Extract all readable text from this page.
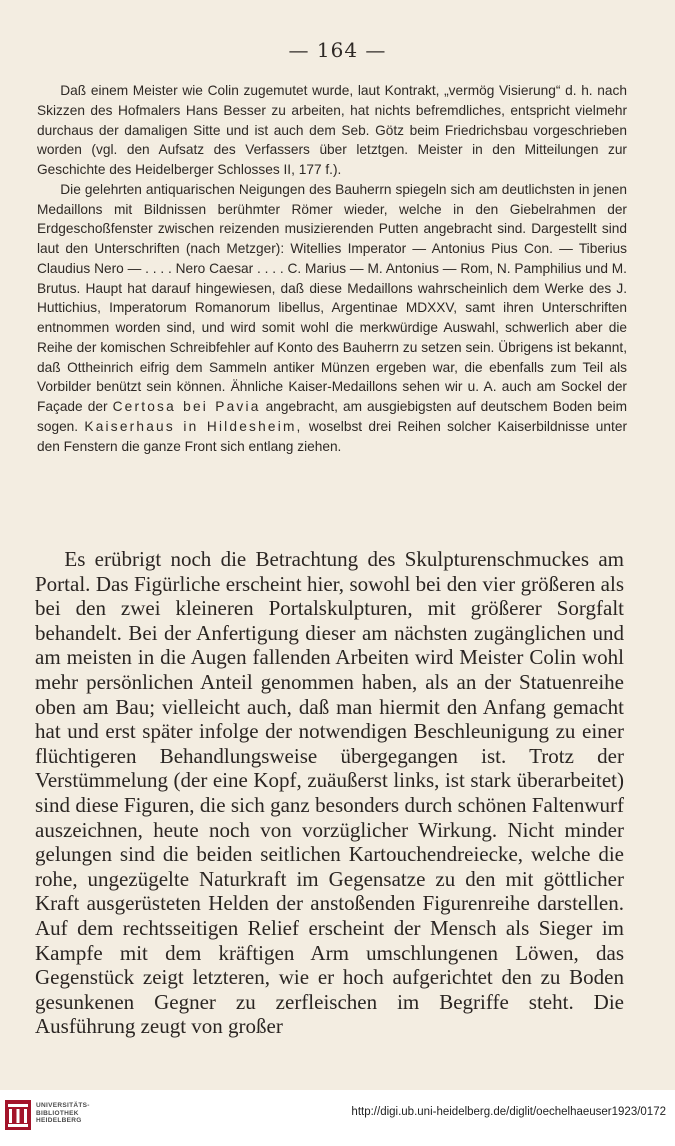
— 164 —

Daß einem Meister wie Colin zugemutet wurde, laut Kontrakt, „vermög Visierung“ d. h. nach Skizzen des Hofmalers Hans Besser zu arbeiten, hat nichts befremdliches, entspricht vielmehr durchaus der damaligen Sitte und ist auch dem Seb. Götz beim Friedrichsbau vorgeschrieben worden (vgl. den Aufsatz des Verfassers über letztgen. Meister in den Mitteilungen zur Geschichte des Heidelberger Schlosses II, 177 f.).

Die gelehrten antiquarischen Neigungen des Bauherrn spiegeln sich am deutlichsten in jenen Medaillons mit Bildnissen berühmter Römer wieder, welche in den Giebelrahmen der Erdgeschoßfenster zwischen reizenden musizierenden Putten angebracht sind. Dargestellt sind laut den Unterschriften (nach Metzger): Witellies Imperator — Antonius Pius Con. — Tiberius Claudius Nero — . . . . Nero Caesar . . . . C. Marius — M. Antonius — Rom, N. Pamphilius und M. Brutus. Haupt hat darauf hingewiesen, daß diese Medaillons wahrscheinlich dem Werke des J. Huttichius, Imperatorum Romanorum libellus, Argentinae MDXXV, samt ihren Unterschriften entnommen worden sind, und wird somit wohl die merkwürdige Auswahl, schwerlich aber die Reihe der komischen Schreibfehler auf Konto des Bauherrn zu setzen sein. Übrigens ist bekannt, daß Ottheinrich eifrig dem Sammeln antiker Münzen ergeben war, die ebenfalls zum Teil als Vorbilder benützt sein können. Ähnliche Kaiser-Medaillons sehen wir u. A. auch am Sockel der Façade der Certosa bei Pavia angebracht, am ausgiebigsten auf deutschem Boden beim sogen. Kaiserhaus in Hildesheim, woselbst drei Reihen solcher Kaiserbildnisse unter den Fenstern die ganze Front sich entlang ziehen.

Es erübrigt noch die Betrachtung des Skulpturenschmuckes am Portal. Das Figürliche erscheint hier, sowohl bei den vier größeren als bei den zwei kleineren Portalskulpturen, mit größerer Sorgfalt behandelt. Bei der Anfertigung dieser am nächsten zugänglichen und am meisten in die Augen fallenden Arbeiten wird Meister Colin wohl mehr persönlichen Anteil genommen haben, als an der Statuenreihe oben am Bau; vielleicht auch, daß man hiermit den Anfang gemacht hat und erst später infolge der notwendigen Beschleunigung zu einer flüchtigeren Behandlungsweise übergegangen ist. Trotz der Verstümmelung (der eine Kopf, zuäußerst links, ist stark überarbeitet) sind diese Figuren, die sich ganz besonders durch schönen Faltenwurf auszeichnen, heute noch von vorzüglicher Wirkung. Nicht minder gelungen sind die beiden seitlichen Kartouchendreiecke, welche die rohe, ungezügelte Naturkraft im Gegensatze zu den mit göttlicher Kraft ausgerüsteten Helden der anstoßenden Figurenreihe darstellen. Auf dem rechtsseitigen Relief erscheint der Mensch als Sieger im Kampfe mit dem kräftigen Arm umschlungenen Löwen, das Gegenstück zeigt letzteren, wie er hoch aufgerichtet den zu Boden gesunkenen Gegner zu zerfleischen im Begriffe steht. Die Ausführung zeugt von großer

UNIVERSITÄTS-
BIBLIOTHEK
HEIDELBERG
http://digi.ub.uni-heidelberg.de/diglit/oechelhaeuser1923/0172
